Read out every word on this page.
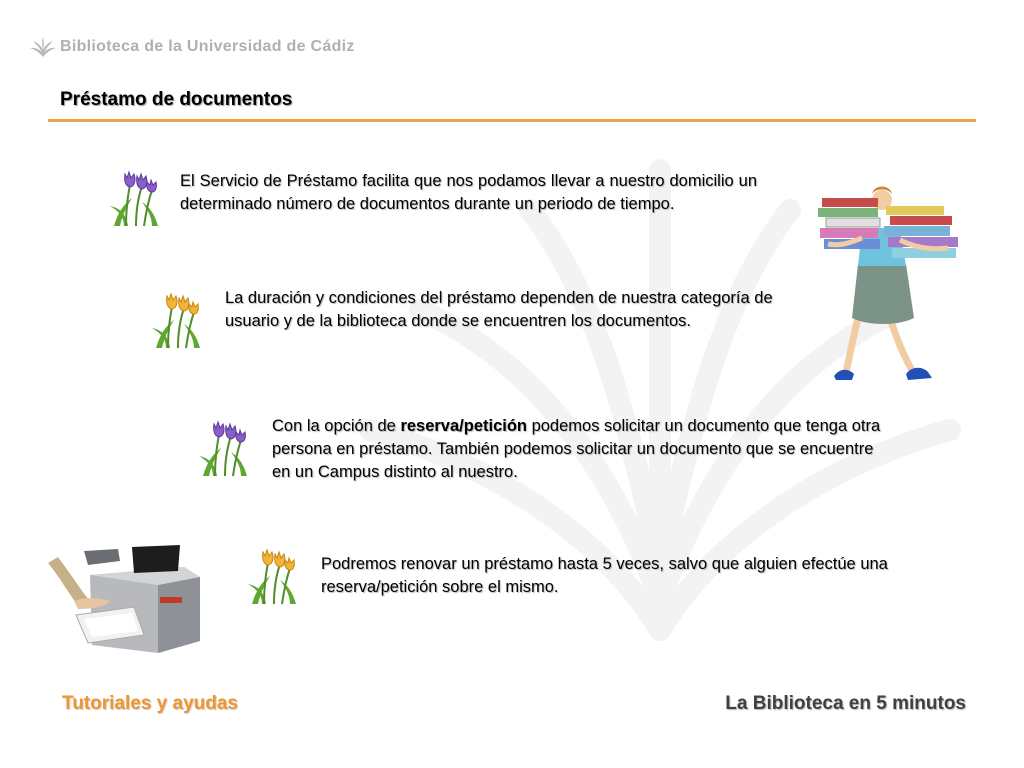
Biblioteca de la Universidad de Cádiz
Préstamo de documentos

El Servicio de Préstamo facilita que nos podamos llevar a nuestro domicilio un determinado número de documentos durante un periodo de tiempo.

La duración y condiciones del préstamo dependen de nuestra categoría de usuario y de la biblioteca donde se encuentren los documentos.

Con la opción de reserva/petición podemos solicitar un documento que tenga otra persona en préstamo. También podemos solicitar un documento que se encuentre en un Campus distinto al nuestro.

Podremos renovar un préstamo hasta 5 veces, salvo que alguien efectúe una reserva/petición sobre el mismo.

Tutoriales y ayudas	La Biblioteca en 5 minutos
